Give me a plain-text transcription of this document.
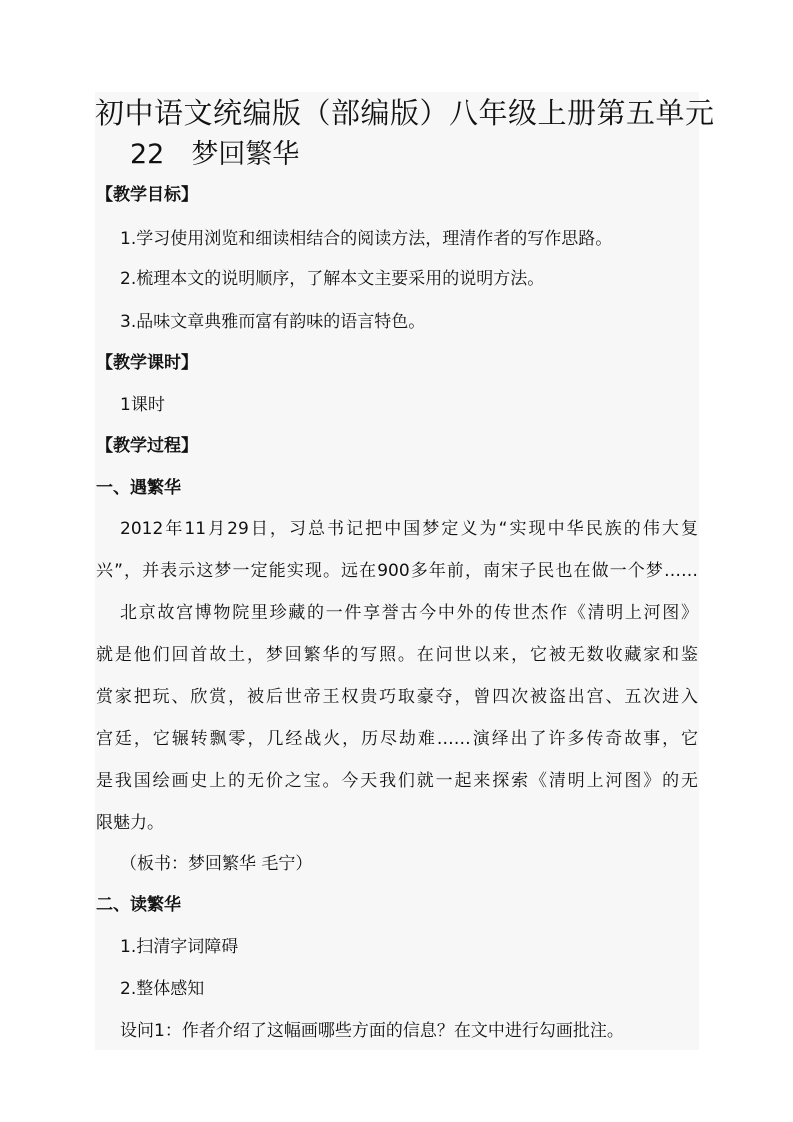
初中语文统编版（部编版）八年级上册第五单元
22　梦回繁华
【教学目标】
1.学习使用浏览和细读相结合的阅读方法，理清作者的写作思路。
2.梳理本文的说明顺序，了解本文主要采用的说明方法。
3.品味文章典雅而富有韵味的语言特色。
【教学课时】
1课时
【教学过程】
一、遇繁华
2012年11月29日，习总书记把中国梦定义为“实现中华民族的伟大复
兴”，并表示这梦一定能实现。远在900多年前，南宋子民也在做一个梦……
北京故宫博物院里珍藏的一件享誉古今中外的传世杰作《清明上河图》
就是他们回首故土，梦回繁华的写照。在问世以来，它被无数收藏家和鉴
赏家把玩、欣赏，被后世帝王权贵巧取豪夺，曾四次被盗出宫、五次进入
宫廷，它辗转飘零，几经战火，历尽劫难……演绎出了许多传奇故事，它
是我国绘画史上的无价之宝。今天我们就一起来探索《清明上河图》的无
限魅力。
（板书：梦回繁华 毛宁）
二、读繁华
1.扫清字词障碍
2.整体感知
设问1：作者介绍了这幅画哪些方面的信息？在文中进行勾画批注。
